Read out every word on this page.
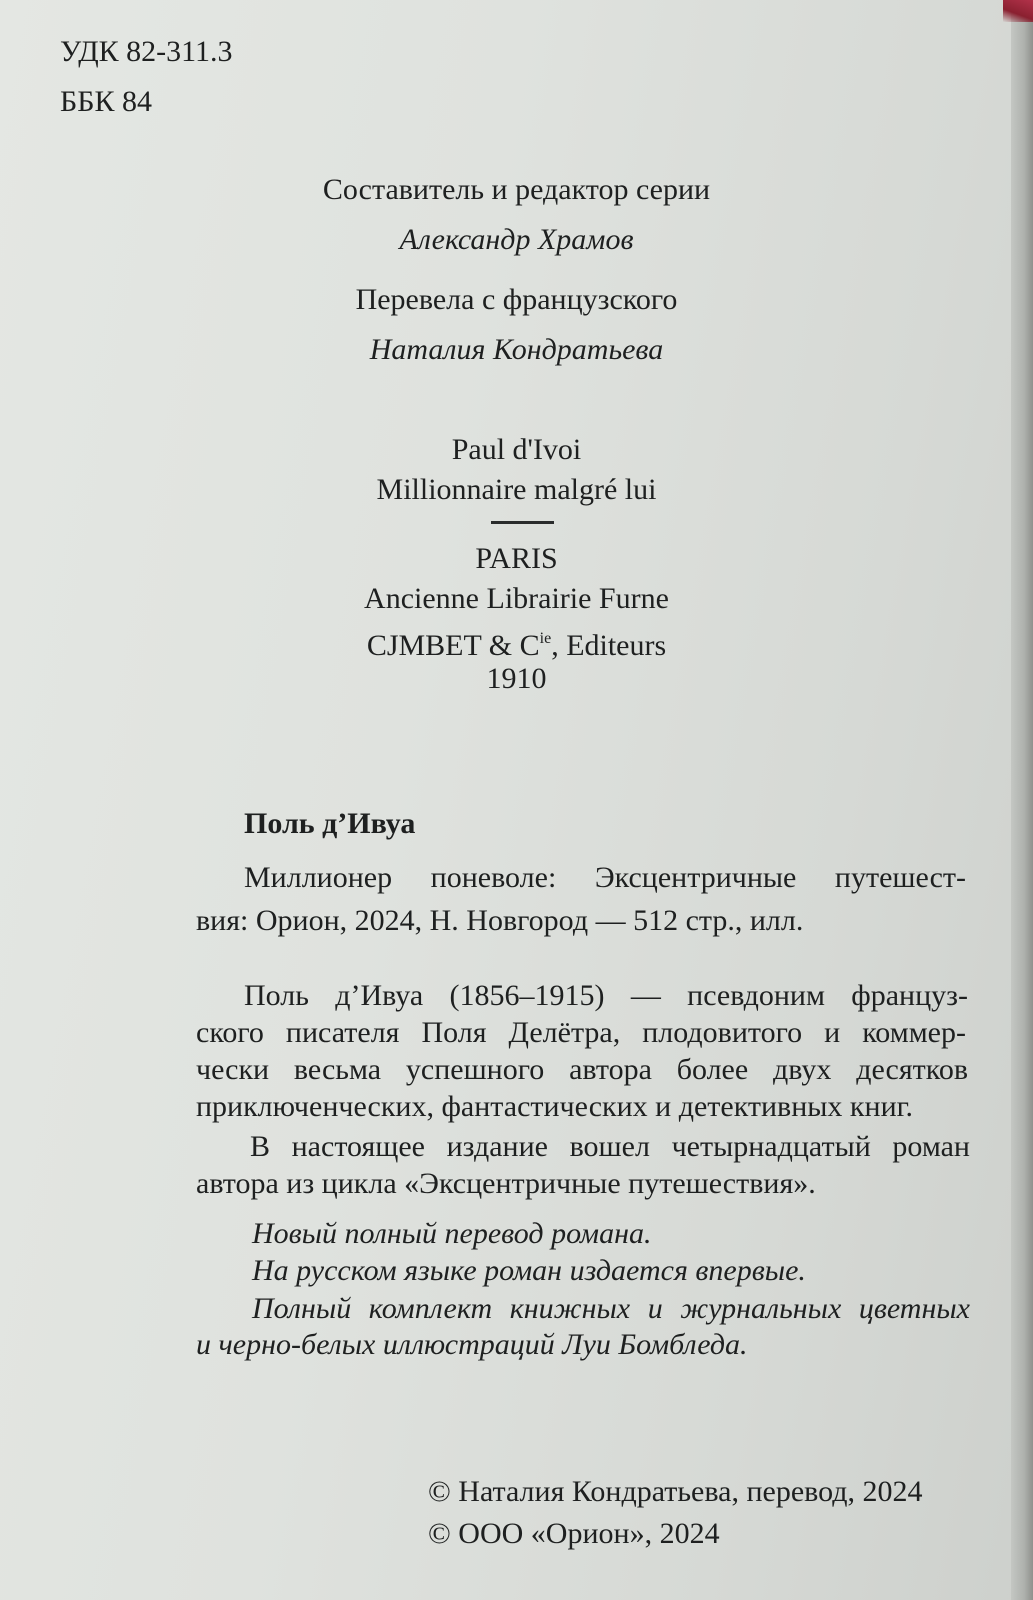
УДК 82-311.3
ББК 84
Составитель и редактор серии
Александр Храмов
Перевела с французского
Наталия Кондратьева
Paul d'Ivoi
Millionnaire malgré lui
PARIS
Ancienne Librairie Furne
CJMBET & $C^{ie}$, Editeurs
1910
Поль д’Ивуа
Миллионер поневоле: Эксцентричные путешест-
вия: Орион, 2024, Н. Новгород — 512 стр., илл.
Поль д’Ивуа (1856–1915) — псевдоним француз-
ского писателя Поля Делётра, плодовитого и коммер-
чески весьма успешного автора более двух десятков
приключенческих, фантастических и детективных книг.
В настоящее издание вошел четырнадцатый роман
автора из цикла «Эксцентричные путешествия».
Новый полный перевод романа.
На русском языке роман издается впервые.
Полный комплект книжных и журнальных цветных
и черно-белых иллюстраций Луи Бомбледа.
© Наталия Кондратьева, перевод, 2024
© ООО «Орион», 2024
